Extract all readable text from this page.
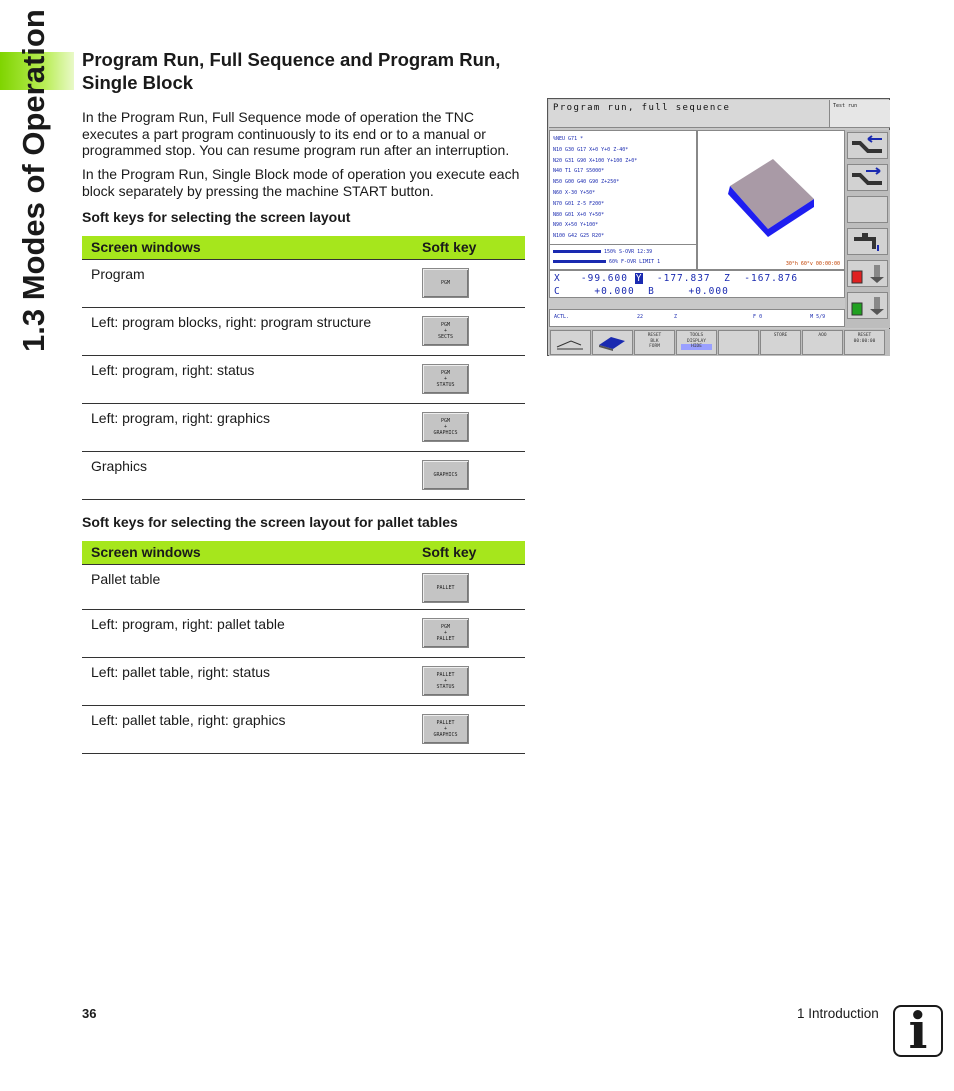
1.3 Modes of Operation	Program Run, Full Sequence and Program Run, Single Block
In the Program Run, Full Sequence mode of operation the TNC executes a part program continuously to its end or to a manual or programmed stop. You can resume program run after an interruption.
In the Program Run, Single Block mode of operation you execute each block separately by pressing the machine START button.
Soft keys for selecting the screen layout
Screen windows	Soft key
Program	PGM

Left: program blocks, right: program structure	PGM
+
SECTS

Left: program, right: status	PGM
+
STATUS

Left: program, right: graphics	PGM
+
GRAPHICS

Graphics	GRAPHICS
Soft keys for selecting the screen layout for pallet tables
Screen windows	Soft key
Pallet table	PALLET

Left: program, right: pallet table	PGM
+
PALLET

Left: pallet table, right: status	PALLET
+
STATUS

Left: pallet table, right: graphics	PALLET
+
GRAPHICS
Program run, full sequence	Test run
%NEU G71 *
N10 G30 G17 X+0 Y+0 Z-40*
N20 G31 G90 X+100 Y+100 Z+0*
N40 T1 G17 S5000*
N50 G00 G40 G90 Z+250*
N60 X-30 Y+50*
N70 G01 Z-5 F200*
N80 G01 X+0 Y+50*
N90 X+50 Y+100*
N100 G42 G25 R20*
150% S-OVR 12:39
60% F-OVR LIMIT 1	30°h 60°v 00:00:00
X -99.600 Y -177.837 Z -167.876
C	+0.000 B	+0.000
ACTL.	22	Z	F 0	M 5/9
RESET
BLK
FORM
TOOLS
DISPLAY
HIDE
STORE	AOO	RESET
00:00:00
36	1 Introduction i
